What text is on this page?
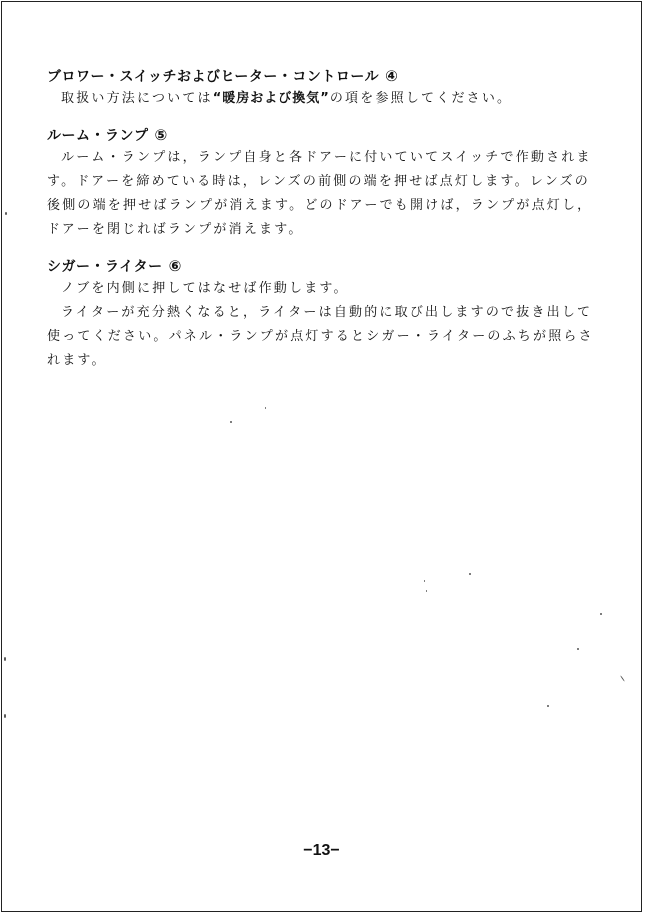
ブロワー・スイッチおよびヒーター・コントロール ④

取扱い方法については“暖房および換気”の項を参照してください。

ルーム・ランプ ⑤

ルーム・ランプは，ランプ自身と各ドアーに付いていてスイッチで作動されま

す。ドアーを締めている時は，レンズの前側の端を押せば点灯します。レンズの

後側の端を押せばランプが消えます。どのドアーでも開けば，ランプが点灯し，

ドアーを閉じればランプが消えます。

シガー・ライター ⑥

ノブを内側に押してはなせば作動します。

ライターが充分熱くなると，ライターは自動的に取び出しますので抜き出して

使ってください。パネル・ランプが点灯するとシガー・ライターのふちが照らさ

れます。

−13−
